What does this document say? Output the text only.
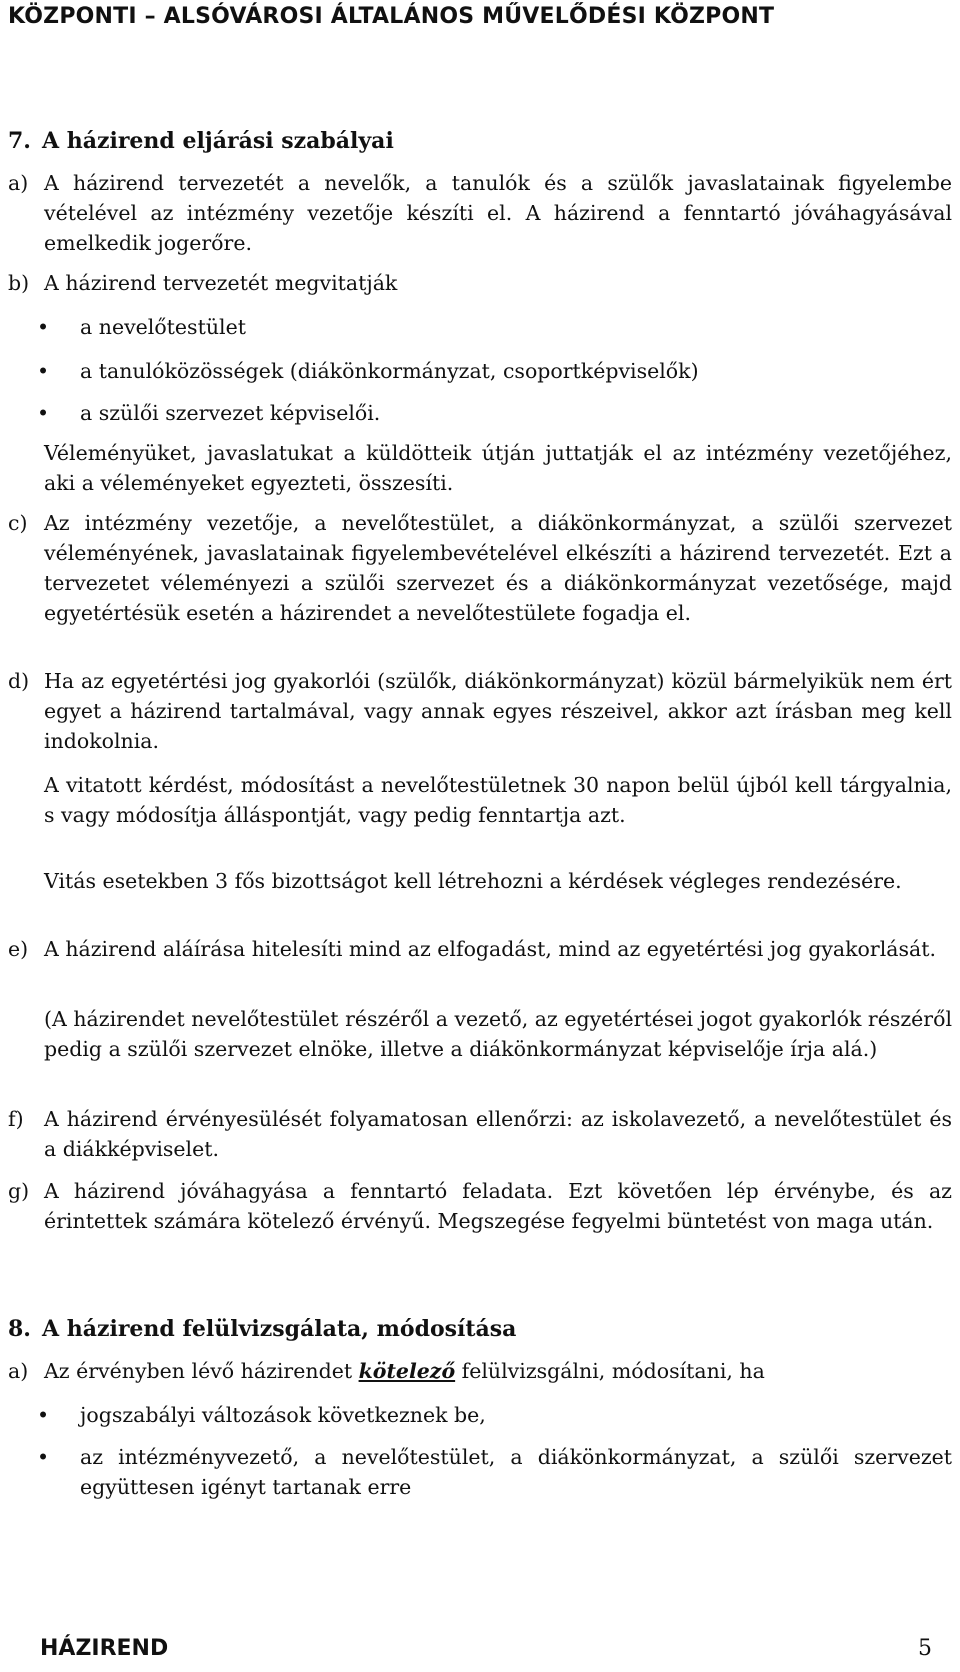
KÖZPONTI – ALSÓVÁROSI ÁLTALÁNOS MŰVELŐDÉSI KÖZPONT
7. A házirend eljárási szabályai
a) A házirend tervezetét a nevelők, a tanulók és a szülők javaslatainak figyelembe vételével az intézmény vezetője készíti el. A házirend a fenntartó jóváhagyásával emelkedik jogerőre.
b) A házirend tervezetét megvitatják
• a nevelőtestület
• a tanulóközösségek (diákönkormányzat, csoportképviselők)
• a szülői szervezet képviselői.
Véleményüket, javaslatukat a küldötteik útján juttatják el az intézmény vezetőjéhez, aki a véleményeket egyezteti, összesíti.
c) Az intézmény vezetője, a nevelőtestület, a diákönkormányzat, a szülői szervezet véleményének, javaslatainak figyelembevételével elkészíti a házirend tervezetét. Ezt a tervezetet véleményezi a szülői szervezet és a diákönkormányzat vezetősége, majd egyetértésük esetén a házirendet a nevelőtestülete fogadja el.
d) Ha az egyetértési jog gyakorlói (szülők, diákönkormányzat) közül bármelyikük nem ért egyet a házirend tartalmával, vagy annak egyes részeivel, akkor azt írásban meg kell indokolnia.
A vitatott kérdést, módosítást a nevelőtestületnek 30 napon belül újból kell tárgyalnia, s vagy módosítja álláspontját, vagy pedig fenntartja azt.
Vitás esetekben 3 fős bizottságot kell létrehozni a kérdések végleges rendezésére.
e) A házirend aláírása hitelesíti mind az elfogadást, mind az egyetértési jog gyakorlását.
(A házirendet nevelőtestület részéről a vezető, az egyetértései jogot gyakorlók részéről pedig a szülői szervezet elnöke, illetve a diákönkormányzat képviselője írja alá.)
f) A házirend érvényesülését folyamatosan ellenőrzi: az iskolavezető, a nevelőtestület és a diákképviselet.
g) A házirend jóváhagyása a fenntartó feladata. Ezt követően lép érvénybe, és az érintettek számára kötelező érvényű. Megszegése fegyelmi büntetést von maga után.
8. A házirend felülvizsgálata, módosítása
a) Az érvényben lévő házirendet kötelező felülvizsgálni, módosítani, ha
• jogszabályi változások következnek be,
• az intézményvezető, a nevelőtestület, a diákönkormányzat, a szülői szervezet együttesen igényt tartanak erre
HÁZIREND	5
